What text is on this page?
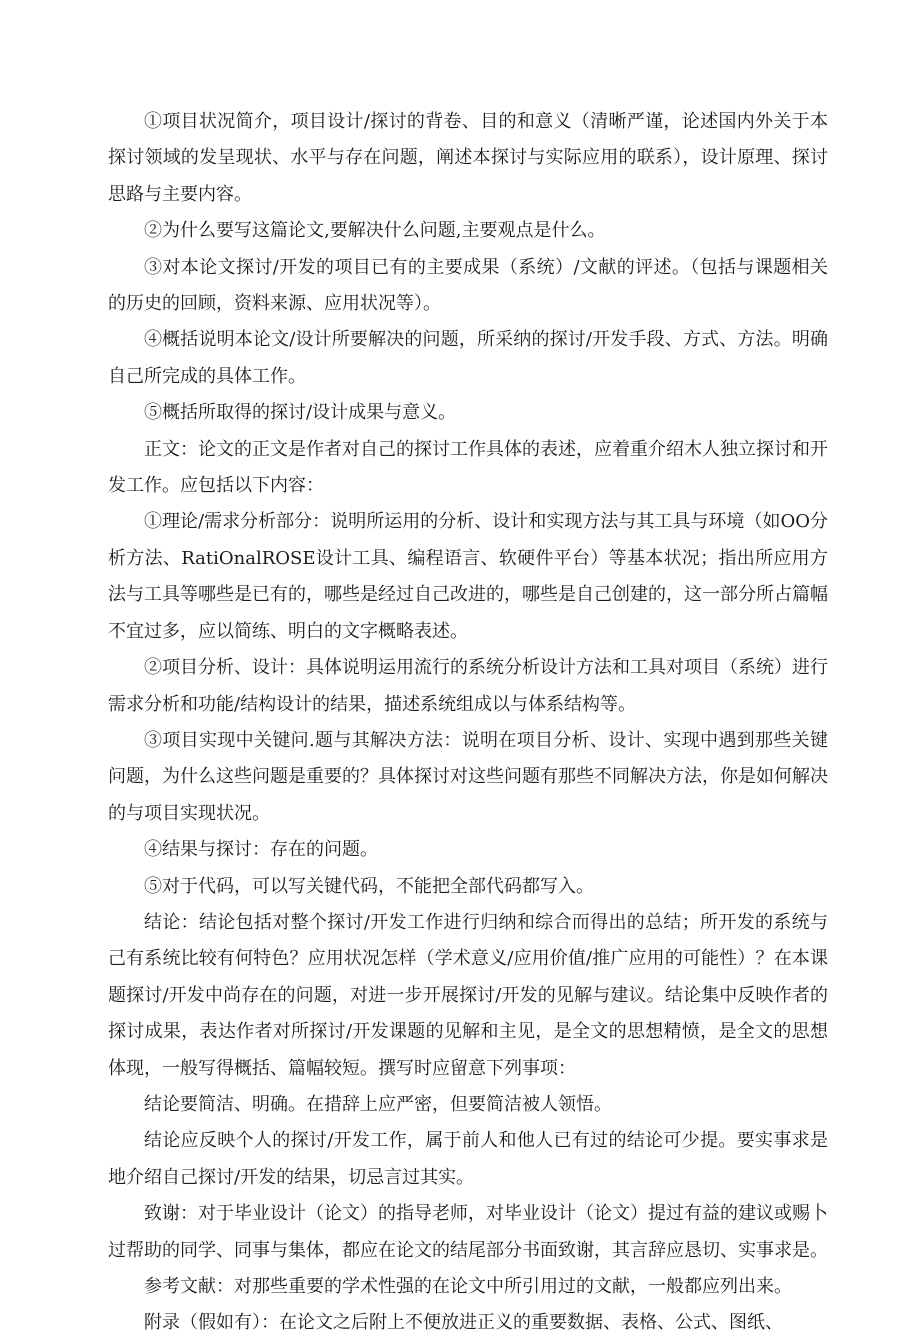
①项目状况简介，项目设计/探讨的背卷、目的和意义（清晰严谨，论述国内外关于本探讨领域的发呈现状、水平与存在问题，阐述本探讨与实际应用的联系），设计原理、探讨思路与主要内容。

②为什么要写这篇论文,要解决什么问题,主要观点是什么。

③对本论文探讨/开发的项目已有的主要成果（系统）/文献的评述。（包括与课题相关的历史的回顾，资料来源、应用状况等）。

④概括说明本论文/设计所要解决的问题，所采纳的探讨/开发手段、方式、方法。明确自己所完成的具体工作。

⑤概括所取得的探讨/设计成果与意义。

正文：论文的正文是作者对自己的探讨工作具体的表述，应着重介绍木人独立探讨和开发工作。应包括以下内容：

①理论/需求分析部分：说明所运用的分析、设计和实现方法与其工具与环境（如OO分析方法、RatiOnalROSE设计工具、编程语言、软硬件平台）等基本状况；指出所应用方法与工具等哪些是已有的，哪些是经过自己改进的，哪些是自己创建的，这一部分所占篇幅不宜过多，应以简练、明白的文字概略表述。

②项目分析、设计：具体说明运用流行的系统分析设计方法和工具对项目（系统）进行需求分析和功能/结构设计的结果，描述系统组成以与体系结构等。

③项目实现中关键问.题与其解决方法：说明在项目分析、设计、实现中遇到那些关键问题，为什么这些问题是重要的？具体探讨对这些问题有那些不同解决方法，你是如何解决的与项目实现状况。

④结果与探讨：存在的问题。

⑤对于代码，可以写关键代码，不能把全部代码都写入。

结论：结论包括对整个探讨/开发工作进行归纳和综合而得出的总结；所开发的系统与己有系统比较有何特色？应用状况怎样（学术意义/应用价值/推广应用的可能性）？在本课题探讨/开发中尚存在的问题，对进一步开展探讨/开发的见解与建议。结论集中反映作者的探讨成果，表达作者对所探讨/开发课题的见解和主见，是全文的思想精愤，是全文的思想体现，一般写得概括、篇幅较短。撰写时应留意下列事项：

结论要简洁、明确。在措辞上应严密，但要简洁被人领悟。

结论应反映个人的探讨/开发工作，属于前人和他人已有过的结论可少提。要实事求是地介绍自己探讨/开发的结果，切忌言过其实。

致谢：对于毕业设计（论文）的指导老师，对毕业设计（论文）提过有益的建议或赐卜过帮助的同学、同事与集体，都应在论文的结尾部分书面致谢，其言辞应恳切、实事求是。

参考文献：对那些重要的学术性强的在论文中所引用过的文献，一般都应列出来。

附录（假如有）：在论文之后附上不便放进正义的重要数据、表格、公式、图纸、
